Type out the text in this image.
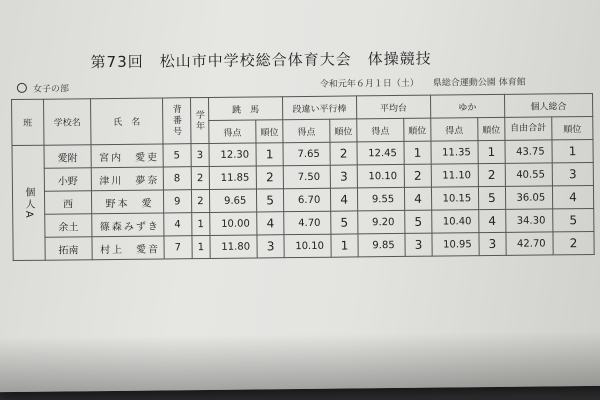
第73回 松山市中学校総合体育大会 体操競技
女子の部	令和元年６月１日（土） 県総合運動公園 体育館
班	学校名	氏　名	背番号	学年	跳　馬		段違い平行棒		平均台		ゆか		個人総合	
					得点	順位	得点	順位	得点	順位	得点	順位	自由合計	順位
個人A	愛附	宮内　愛吏	5	3	12.30	1	7.65	2	12.45	1	11.35	1	43.75	1
	小野	津川　夢奈	8	2	11.85	2	7.50	3	10.10	2	11.10	2	40.55	3
	西	野本　愛	9	2	9.65	5	6.70	4	9.55	4	10.15	5	36.05	4
	余土	篠森みずき	4	1	10.00	4	4.70	5	9.20	5	10.40	4	34.30	5
	拓南	村上　愛音	7	1	11.80	3	10.10	1	9.85	3	10.95	3	42.70	2
